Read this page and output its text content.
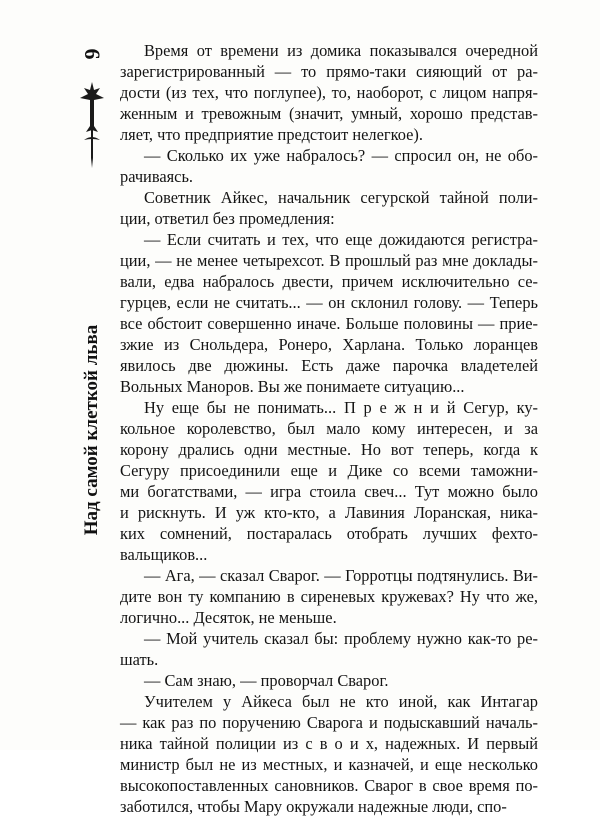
6
Над самой клеткой льва

Время от времени из домика показывался очередной
зарегистрированный — то прямо-таки сияющий от ра-
дости (из тех, что поглупее), то, наоборот, с лицом напря-
женным и тревожным (значит, умный, хорошо представ-
ляет, что предприятие предстоит нелегкое).

— Сколько их уже набралось? — спросил он, не обо-
рачиваясь.

Советник Айкес, начальник сегурской тайной поли-
ции, ответил без промедления:

— Если считать и тех, что еще дожидаются регистра-
ции, — не менее четырехсот. В прошлый раз мне доклады-
вали, едва набралось двести, причем исключительно се-
гурцев, если не считать... — он склонил голову. — Теперь
все обстоит совершенно иначе. Больше половины — прие-
зжие из Снольдера, Ронеро, Харлана. Только лоранцев
явилось две дюжины. Есть даже парочка владетелей
Вольных Маноров. Вы же понимаете ситуацию...

Ну еще бы не понимать... П р е ж н и й Сегур, ку-
кольное королевство, был мало кому интересен, и за
корону дрались одни местные. Но вот теперь, когда к
Сегуру присоединили еще и Дике со всеми таможни-
ми богатствами, — игра стоила свеч... Тут можно было
и рискнуть. И уж кто-кто, а Лавиния Лоранская, ника-
ких сомнений, постаралась отобрать лучших фехто-
вальщиков...

— Ага, — сказал Сварог. — Горротцы подтянулись. Ви-
дите вон ту компанию в сиреневых кружевах? Ну что же,
логично... Десяток, не меньше.

— Мой учитель сказал бы: проблему нужно как-то ре-
шать.

— Сам знаю, — проворчал Сварог.

Учителем у Айкеса был не кто иной, как Интагар
— как раз по поручению Сварога и подыскавший началь-
ника тайной полиции из с в о и х, надежных. И первый
министр был не из местных, и казначей, и еще несколько
высокопоставленных сановников. Сварог в свое время по-
заботился, чтобы Мару окружали надежные люди, спо-
